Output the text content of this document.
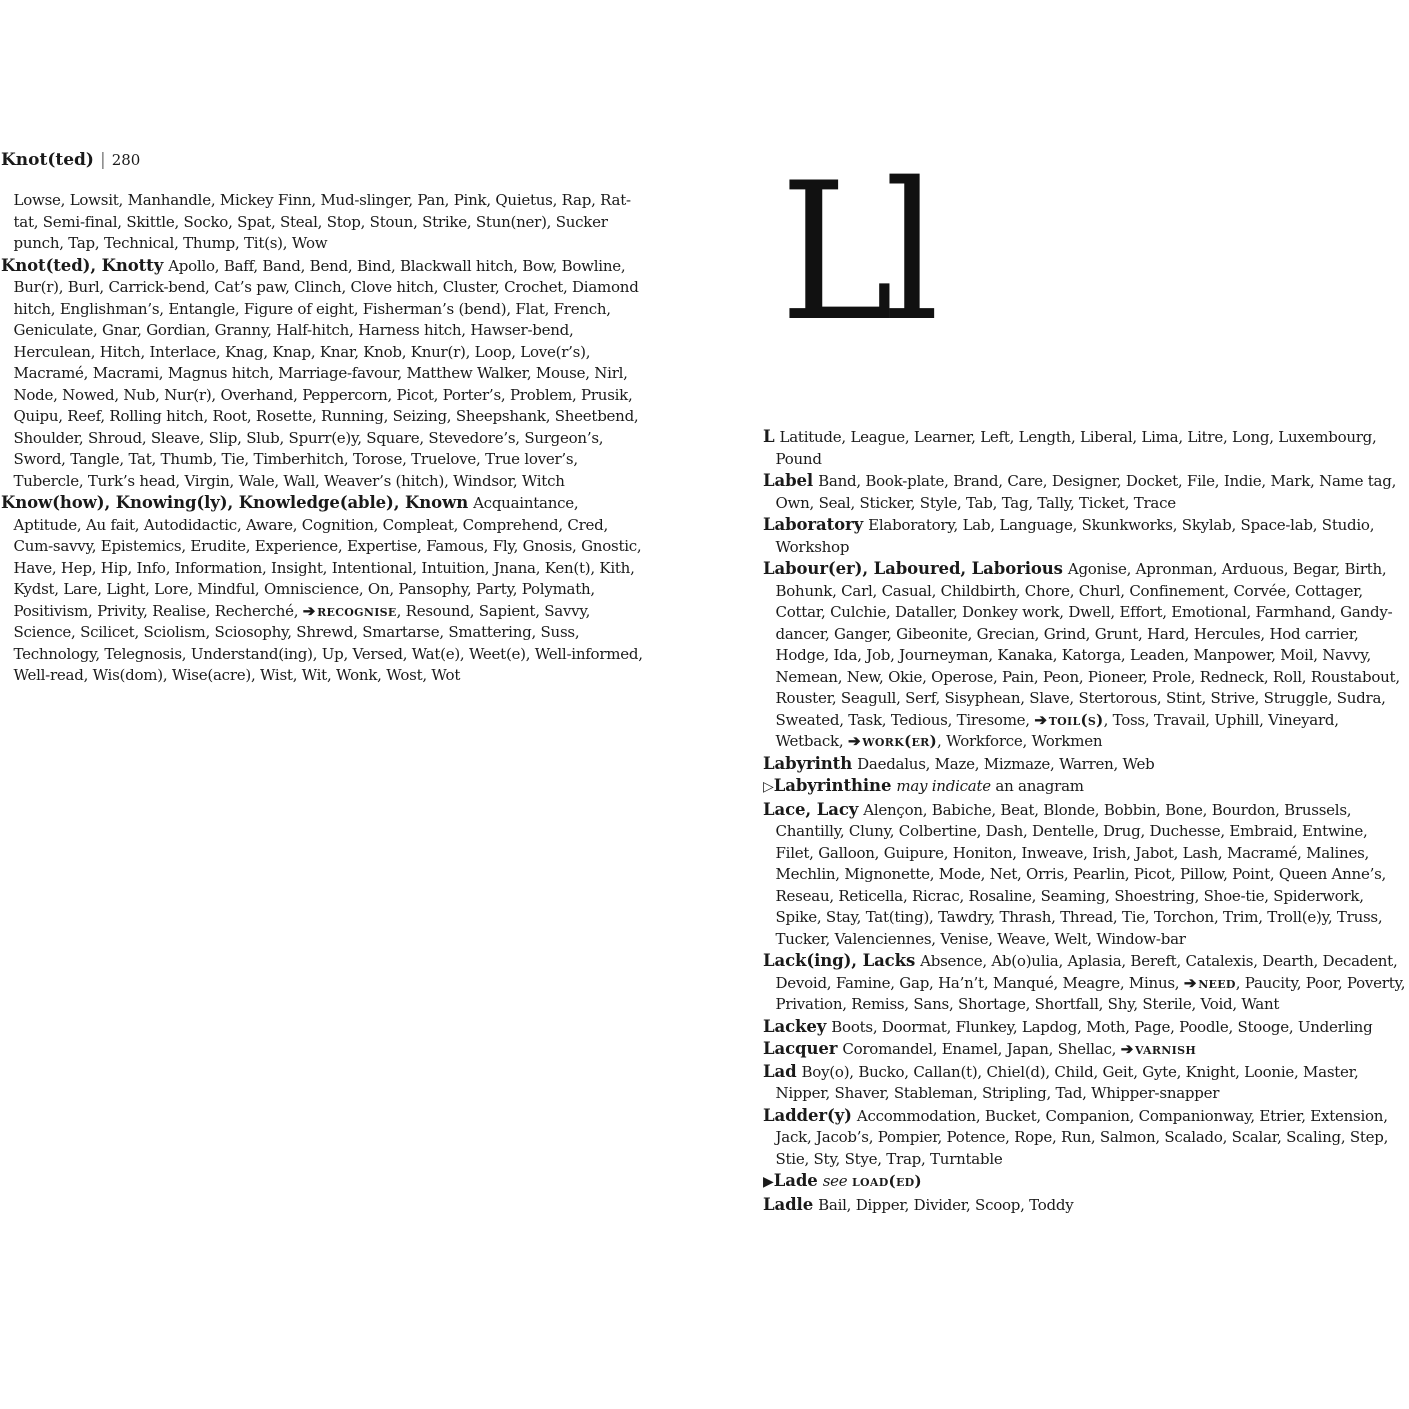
Knot(ted) | 280
Lowse, Lowsit, Manhandle, Mickey Finn, Mud-slinger, Pan, Pink, Quietus, Rap, Rat-tat, Semi-final, Skittle, Socko, Spat, Steal, Stop, Stoun, Strike, Stun(ner), Sucker punch, Tap, Technical, Thump, Tit(s), Wow
Knot(ted), Knotty Apollo, Baff, Band, Bend, Bind, Blackwall hitch, Bow, Bowline, Bur(r), Burl, Carrick-bend, Cat’s paw, Clinch, Clove hitch, Cluster, Crochet, Diamond hitch, Englishman’s, Entangle, Figure of eight, Fisherman’s (bend), Flat, French, Geniculate, Gnar, Gordian, Granny, Half-hitch, Harness hitch, Hawser-bend, Herculean, Hitch, Interlace, Knag, Knap, Knar, Knob, Knur(r), Loop, Love(r’s), Macramé, Macrami, Magnus hitch, Marriage-favour, Matthew Walker, Mouse, Nirl, Node, Nowed, Nub, Nur(r), Overhand, Peppercorn, Picot, Porter’s, Problem, Prusik, Quipu, Reef, Rolling hitch, Root, Rosette, Running, Seizing, Sheepshank, Sheetbend, Shoulder, Shroud, Sleave, Slip, Slub, Spurr(e)y, Square, Stevedore’s, Surgeon’s, Sword, Tangle, Tat, Thumb, Tie, Timberhitch, Torose, Truelove, True lover’s, Tubercle, Turk’s head, Virgin, Wale, Wall, Weaver’s (hitch), Windsor, Witch
Know(how), Knowing(ly), Knowledge(able), Known Acquaintance, Aptitude, Au fait, Autodidactic, Aware, Cognition, Compleat, Comprehend, Cred, Cum-savvy, Epistemics, Erudite, Experience, Expertise, Famous, Fly, Gnosis, Gnostic, Have, Hep, Hip, Info, Information, Insight, Intentional, Intuition, Jnana, Ken(t), Kith, Kydst, Lare, Light, Lore, Mindful, Omniscience, On, Pansophy, Party, Polymath, Positivism, Privity, Realise, Recherché, ➔ recognise, Resound, Sapient, Savvy, Science, Scilicet, Sciolism, Sciosophy, Shrewd, Smartarse, Smattering, Suss, Technology, Telegnosis, Understand(ing), Up, Versed, Wat(e), Weet(e), Well-informed, Well-read, Wis(dom), Wise(acre), Wist, Wit, Wonk, Wost, Wot
Ll
L Latitude, League, Learner, Left, Length, Liberal, Lima, Litre, Long, Luxembourg, Pound
Label Band, Book-plate, Brand, Care, Designer, Docket, File, Indie, Mark, Name tag, Own, Seal, Sticker, Style, Tab, Tag, Tally, Ticket, Trace
Laboratory Elaboratory, Lab, Language, Skunkworks, Skylab, Space-lab, Studio, Workshop
Labour(er), Laboured, Laborious Agonise, Apronman, Arduous, Begar, Birth, Bohunk, Carl, Casual, Childbirth, Chore, Churl, Confinement, Corvée, Cottager, Cottar, Culchie, Dataller, Donkey work, Dwell, Effort, Emotional, Farmhand, Gandy-dancer, Ganger, Gibeonite, Grecian, Grind, Grunt, Hard, Hercules, Hod carrier, Hodge, Ida, Job, Journeyman, Kanaka, Katorga, Leaden, Manpower, Moil, Navvy, Nemean, New, Okie, Operose, Pain, Peon, Pioneer, Prole, Redneck, Roll, Roustabout, Rouster, Seagull, Serf, Sisyphean, Slave, Stertorous, Stint, Strive, Struggle, Sudra, Sweated, Task, Tedious, Tiresome, ➔ toil(s), Toss, Travail, Uphill, Vineyard, Wetback, ➔ work(er), Workforce, Workmen
Labyrinth Daedalus, Maze, Mizmaze, Warren, Web
▷Labyrinthine may indicate an anagram
Lace, Lacy Alençon, Babiche, Beat, Blonde, Bobbin, Bone, Bourdon, Brussels, Chantilly, Cluny, Colbertine, Dash, Dentelle, Drug, Duchesse, Embraid, Entwine, Filet, Galloon, Guipure, Honiton, Inweave, Irish, Jabot, Lash, Macramé, Malines, Mechlin, Mignonette, Mode, Net, Orris, Pearlin, Picot, Pillow, Point, Queen Anne’s, Reseau, Reticella, Ricrac, Rosaline, Seaming, Shoestring, Shoe-tie, Spiderwork, Spike, Stay, Tat(ting), Tawdry, Thrash, Thread, Tie, Torchon, Trim, Troll(e)y, Truss, Tucker, Valenciennes, Venise, Weave, Welt, Window-bar
Lack(ing), Lacks Absence, Ab(o)ulia, Aplasia, Bereft, Catalexis, Dearth, Decadent, Devoid, Famine, Gap, Ha’n’t, Manqué, Meagre, Minus, ➔ need, Paucity, Poor, Poverty, Privation, Remiss, Sans, Shortage, Shortfall, Shy, Sterile, Void, Want
Lackey Boots, Doormat, Flunkey, Lapdog, Moth, Page, Poodle, Stooge, Underling
Lacquer Coromandel, Enamel, Japan, Shellac, ➔ varnish
Lad Boy(o), Bucko, Callan(t), Chiel(d), Child, Geit, Gyte, Knight, Loonie, Master, Nipper, Shaver, Stableman, Stripling, Tad, Whipper-snapper
Ladder(y) Accommodation, Bucket, Companion, Companionway, Etrier, Extension, Jack, Jacob’s, Pompier, Potence, Rope, Run, Salmon, Scalado, Scalar, Scaling, Step, Stie, Sty, Stye, Trap, Turntable
▶Lade see load(ed)
Ladle Bail, Dipper, Divider, Scoop, Toddy
